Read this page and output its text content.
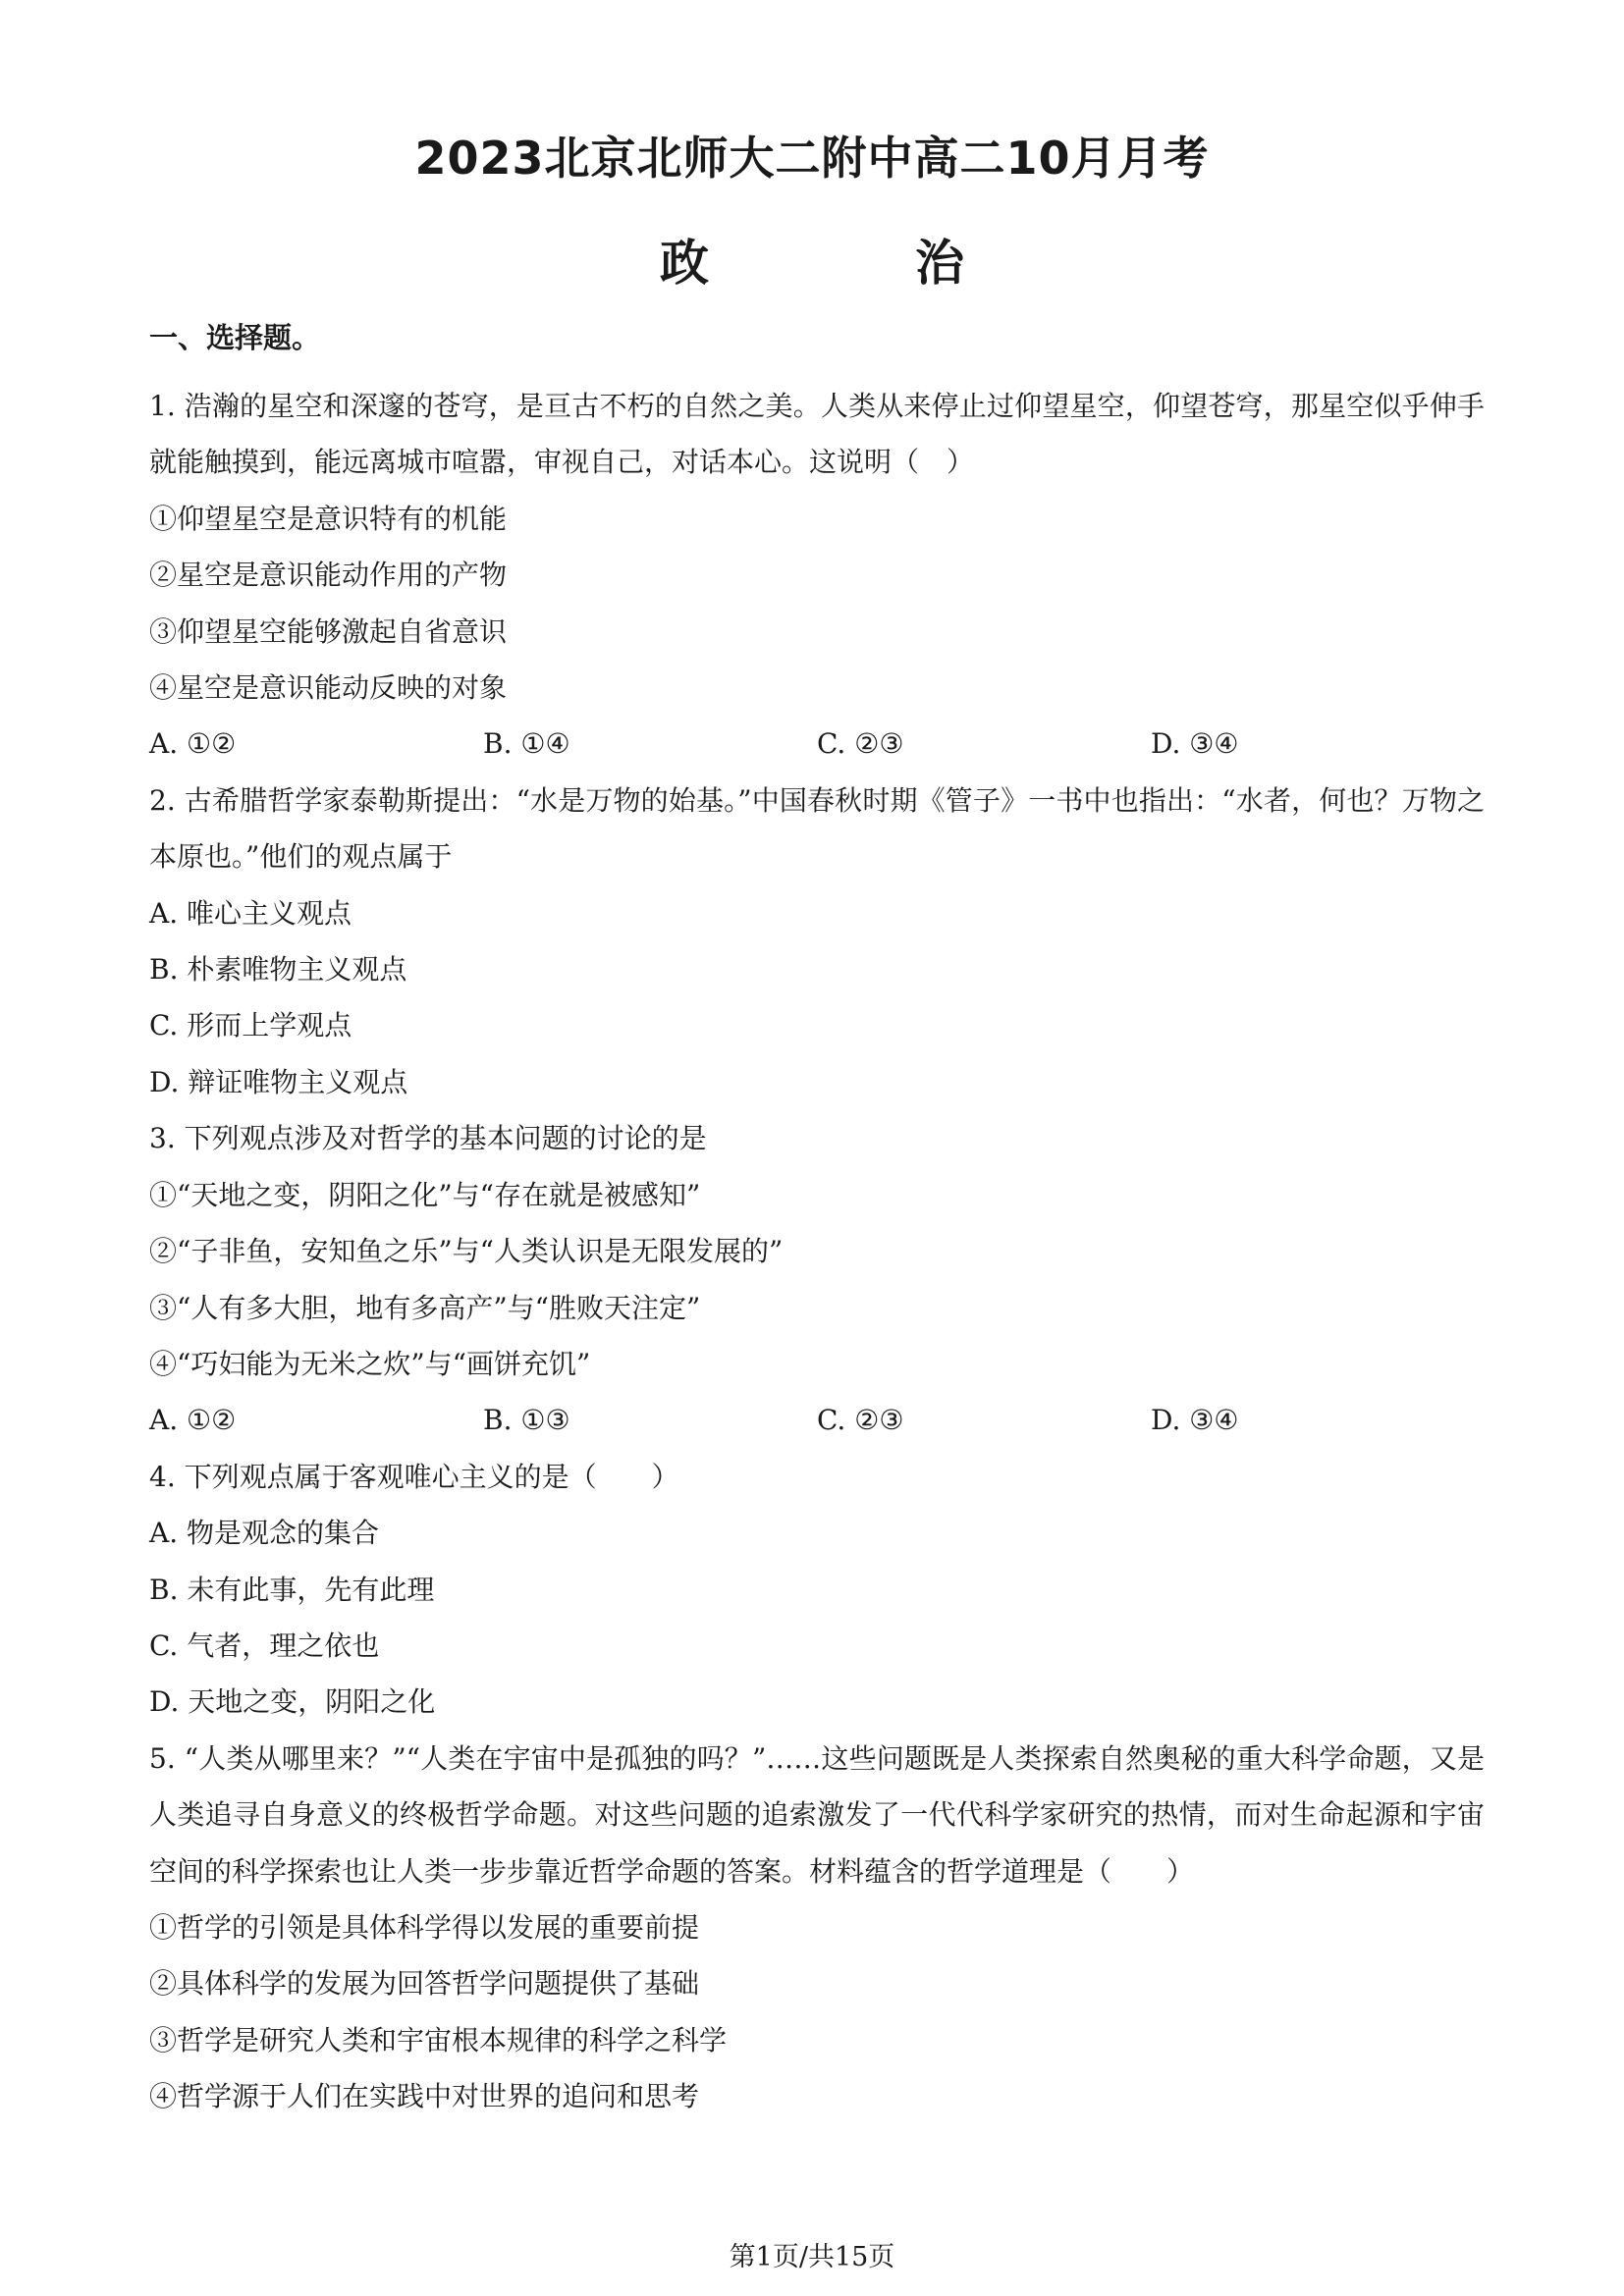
2023北京北师大二附中高二10月月考
政　治
一、选择题。

1. 浩瀚的星空和深邃的苍穹，是亘古不朽的自然之美。人类从来停止过仰望星空，仰望苍穹，那星空似乎伸手就能触摸到，能远离城市喧嚣，审视自己，对话本心。这说明（　）

①仰望星空是意识特有的机能

②星空是意识能动作用的产物

③仰望星空能够激起自省意识

④星空是意识能动反映的对象

A. ①②	B. ①④	C. ②③	D. ③④

2. 古希腊哲学家泰勒斯提出：“水是万物的始基。”中国春秋时期《管子》一书中也指出：“水者，何也？万物之本原也。”他们的观点属于

A. 唯心主义观点

B. 朴素唯物主义观点

C. 形而上学观点

D. 辩证唯物主义观点

3. 下列观点涉及对哲学的基本问题的讨论的是

①“天地之变，阴阳之化”与“存在就是被感知”

②“子非鱼，安知鱼之乐”与“人类认识是无限发展的”

③“人有多大胆，地有多高产”与“胜败天注定”

④“巧妇能为无米之炊”与“画饼充饥”

A. ①②	B. ①③	C. ②③	D. ③④

4. 下列观点属于客观唯心主义的是（　　）

A. 物是观念的集合

B. 未有此事，先有此理

C. 气者，理之依也

D. 天地之变，阴阳之化

5. “人类从哪里来？”“人类在宇宙中是孤独的吗？”……这些问题既是人类探索自然奥秘的重大科学命题，又是人类追寻自身意义的终极哲学命题。对这些问题的追索激发了一代代科学家研究的热情，而对生命起源和宇宙空间的科学探索也让人类一步步靠近哲学命题的答案。材料蕴含的哲学道理是（　　）

①哲学的引领是具体科学得以发展的重要前提

②具体科学的发展为回答哲学问题提供了基础

③哲学是研究人类和宇宙根本规律的科学之科学

④哲学源于人们在实践中对世界的追问和思考

第1页/共15页
